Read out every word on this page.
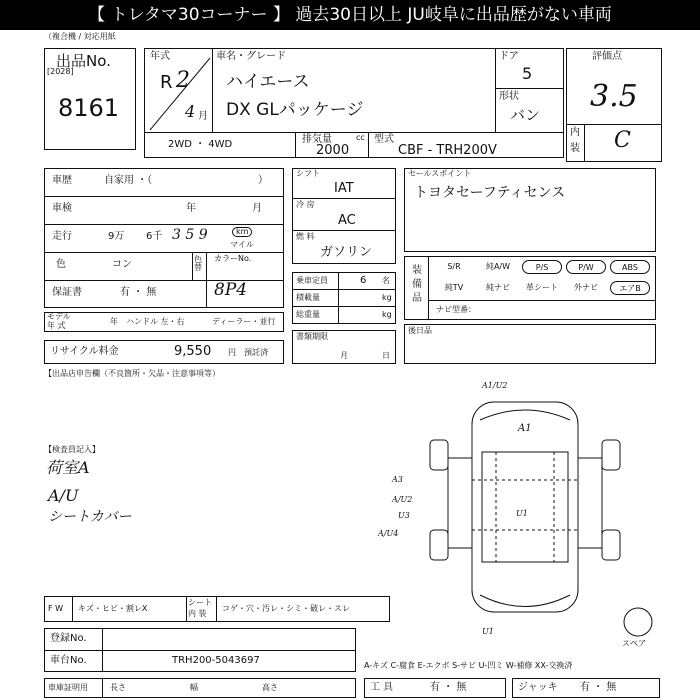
【 トレタマ30コーナー 】 過去30日以上 JU岐阜に出品歴がない車両
（複合機 / 対応用紙
出品No.
[2028]
8161
年式
R 2
4 月
車名・グレード
ハイエース
DX GLパッケージ
ドア
5
形状
バン
2WD ・ 4WD	排気量	cc
2000
型式
CBF - TRH200V
評価点
3.5
内
装 C
車歴	自家用 ・（	）
車検	年	月
走行	9万 6千 3 5 9	km
マイル
色	コン	色替
カラーNo.
保証書	有 ・ 無	8P4
モデル
年 式	年 ハンドル 左・右	ディーラー・並行
リサイクル料金	9,550 円 預託済
シフト
IAT
冷 房
AC
燃 料
ガソリン
乗車定員	6 名
積載量	kg
総重量	kg
書類期限
月	日
セールスポイント
トヨタセーフティセンス
装備品
S/R	純A/W	P/S	P/W	ABS
純TV	純ナビ	革シート	外ナビ	エアB
ナビ型番：
後日品
【出品店申告欄（不良箇所・欠品・注意事項等）
【検査員記入】
荷室A
A/U
シートカバー
A1/U2
A1
A3
A/U2
U3
A/U4
U1
U1
スペア
F W キズ・ヒビ・割レX
シート
内 装
コゲ・穴・汚レ・シミ・破レ・スレ
登録No.
車台No.	TRH200-5043697	A-キズ C-腐食 E-エクボ S-サビ U-凹ミ W-補修 XX-交換済
車庫証明用	長さ	幅	高さ	工 具	有 ・ 無	ジャッキ 有 ・ 無
